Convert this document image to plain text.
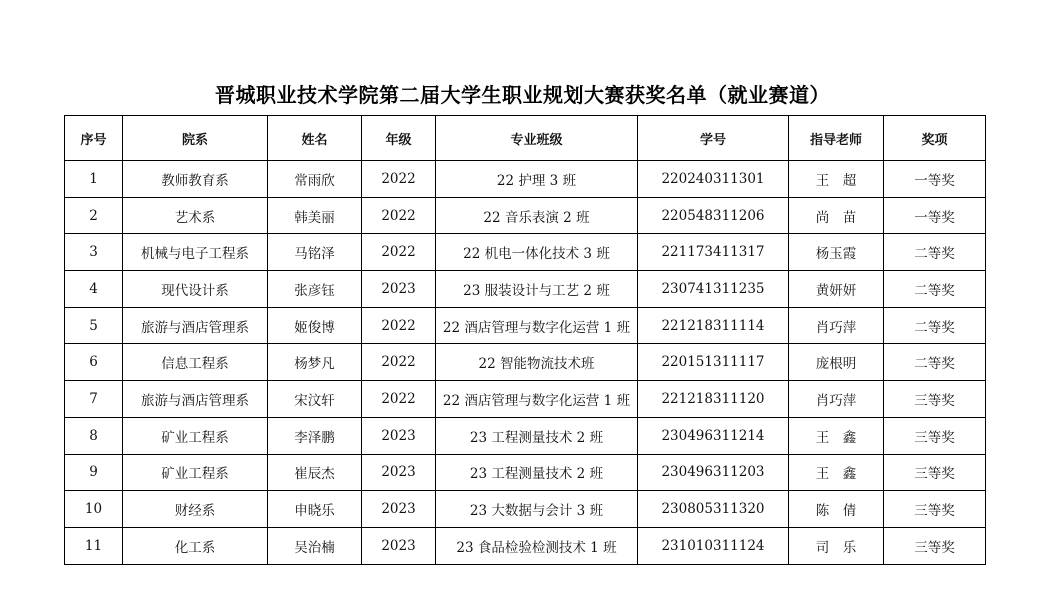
晋城职业技术学院第二届大学生职业规划大赛获奖名单（就业赛道）
序号	院系	姓名	年级	专业班级	学号	指导老师	奖项
1	教师教育系	常雨欣	2022	22 护理 3 班	220240311301	王　超	一等奖
2	艺术系	韩美丽	2022	22 音乐表演 2 班	220548311206	尚　苗	一等奖
3	机械与电子工程系	马铭泽	2022	22 机电一体化技术 3 班	221173411317	杨玉霞	二等奖
4	现代设计系	张彦钰	2023	23 服装设计与工艺 2 班	230741311235	黄妍妍	二等奖
5	旅游与酒店管理系	姬俊博	2022	22 酒店管理与数字化运营 1 班	221218311114	肖巧萍	二等奖
6	信息工程系	杨梦凡	2022	22 智能物流技术班	220151311117	庞根明	二等奖
7	旅游与酒店管理系	宋汶轩	2022	22 酒店管理与数字化运营 1 班	221218311120	肖巧萍	三等奖
8	矿业工程系	李泽鹏	2023	23 工程测量技术 2 班	230496311214	王　鑫	三等奖
9	矿业工程系	崔辰杰	2023	23 工程测量技术 2 班	230496311203	王　鑫	三等奖
10	财经系	申晓乐	2023	23 大数据与会计 3 班	230805311320	陈　倩	三等奖
11	化工系	吴治楠	2023	23 食品检验检测技术 1 班	231010311124	司　乐	三等奖
